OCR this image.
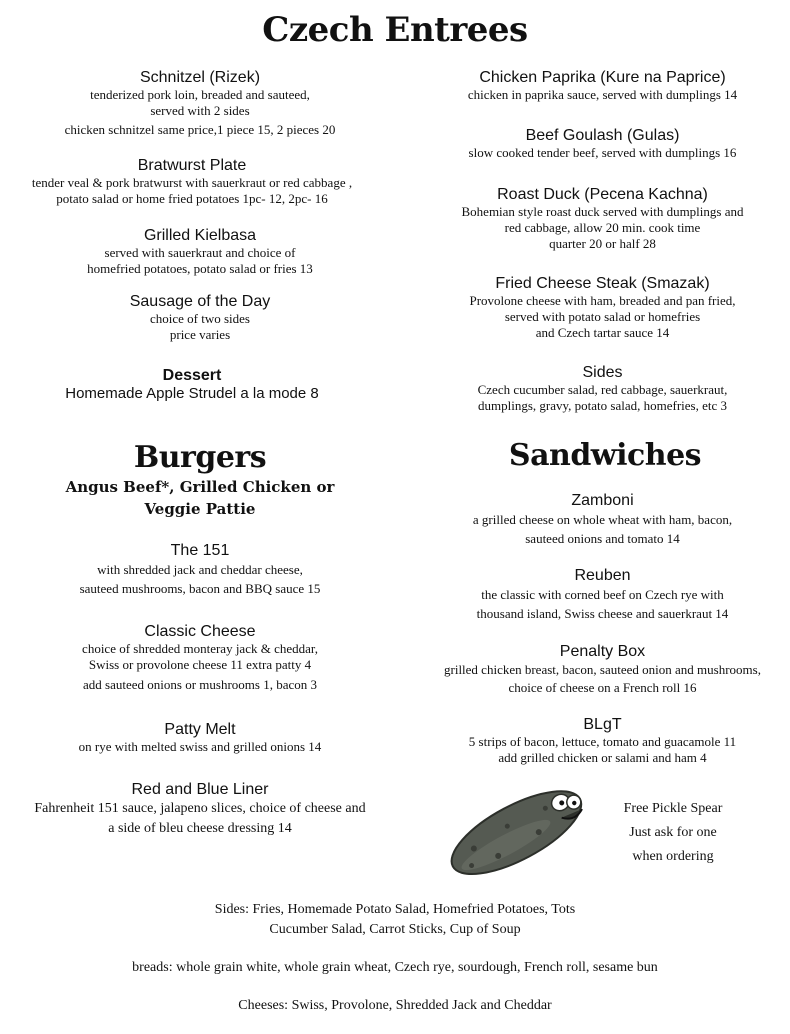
Czech Entrees
Schnitzel (Rizek)
tenderized pork loin, breaded and sauteed,
served with 2 sides
chicken schnitzel same price,1 piece 15, 2 pieces 20
Bratwurst Plate
tender veal & pork bratwurst with sauerkraut or red cabbage ,
potato salad or home fried potatoes 1pc- 12, 2pc- 16
Grilled Kielbasa
served with sauerkraut and choice of
homefried potatoes, potato salad or fries 13
Sausage of the Day
choice of two sides
price varies
Dessert
Homemade Apple Strudel a la mode 8
Chicken Paprika (Kure na Paprice)
chicken in paprika sauce, served with dumplings 14
Beef Goulash (Gulas)
slow cooked tender beef, served with dumplings 16
Roast Duck (Pecena Kachna)
Bohemian style roast duck served with dumplings and
red cabbage, allow 20 min. cook time
quarter 20 or half 28
Fried Cheese Steak (Smazak)
Provolone cheese with ham, breaded and pan fried,
served with potato salad or homefries
and Czech tartar sauce 14
Sides
Czech cucumber salad, red cabbage, sauerkraut,
dumplings, gravy, potato salad, homefries, etc 3
Burgers
Angus Beef*, Grilled Chicken or
Veggie Pattie
The 151
with shredded jack and cheddar cheese,
sauteed mushrooms, bacon and BBQ sauce 15
Classic Cheese
choice of shredded monteray jack & cheddar,
Swiss or provolone cheese 11 extra patty 4
add sauteed onions or mushrooms 1, bacon 3
Patty Melt
on rye with melted swiss and grilled onions 14
Red and Blue Liner
Fahrenheit 151 sauce, jalapeno slices, choice of cheese and
a side of bleu cheese dressing 14
Sandwiches
Zamboni
a grilled cheese on whole wheat with ham, bacon,
sauteed onions and tomato 14
Reuben
the classic with corned beef on Czech rye with
thousand island, Swiss cheese and sauerkraut 14
Penalty Box
grilled chicken breast, bacon, sauteed onion and mushrooms,
choice of cheese on a French roll 16
BLgT
5 strips of bacon, lettuce, tomato and guacamole 11
add grilled chicken or salami and ham 4
Free Pickle Spear
Just ask for one
when ordering
Sides: Fries, Homemade Potato Salad, Homefried Potatoes, Tots
Cucumber Salad, Carrot Sticks, Cup of Soup
breads: whole grain white, whole grain wheat, Czech rye, sourdough, French roll, sesame bun
Cheeses: Swiss, Provolone, Shredded Jack and Cheddar
